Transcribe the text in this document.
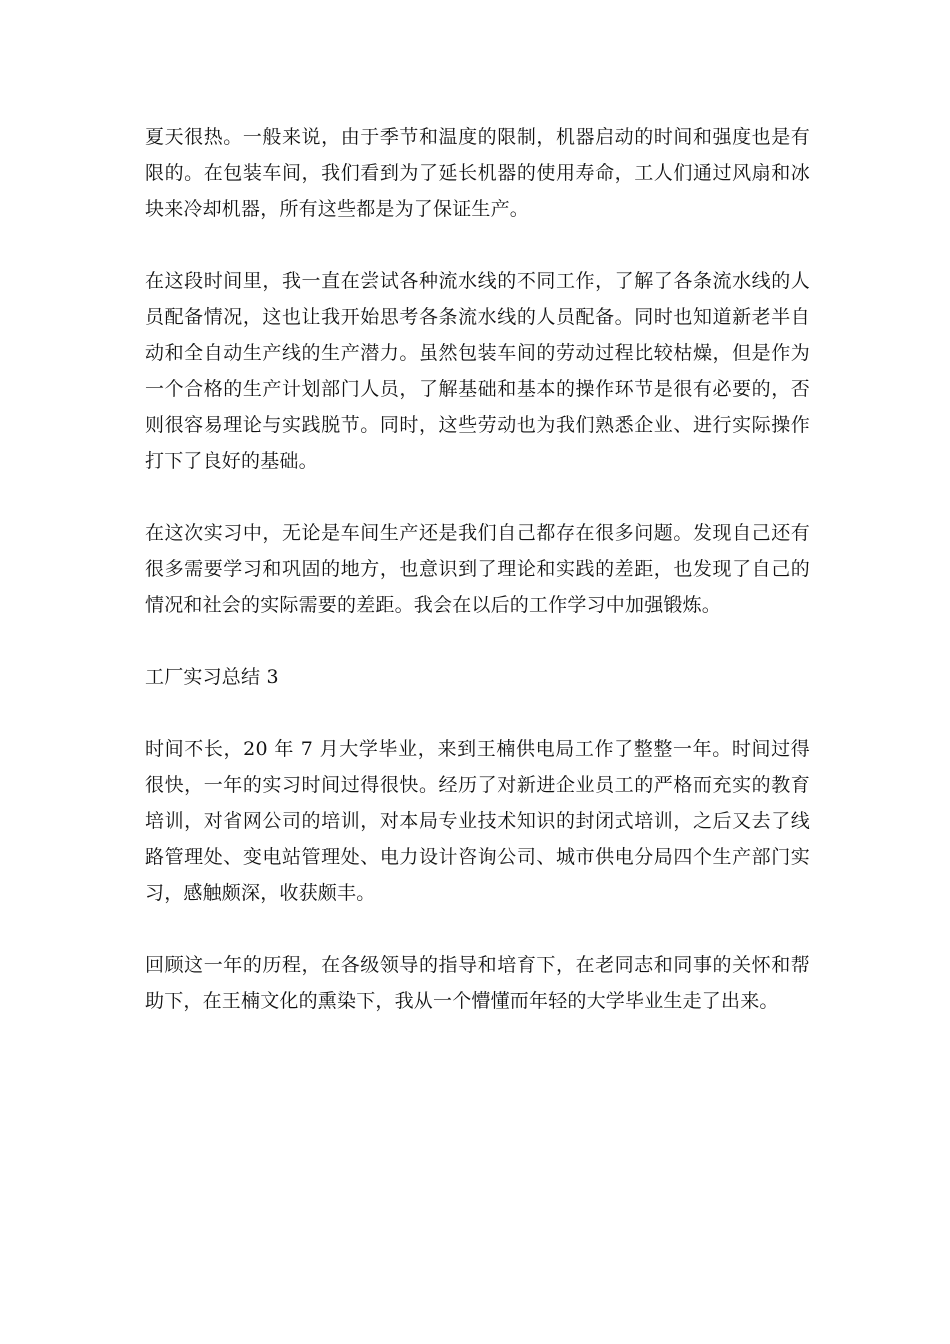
夏天很热。一般来说，由于季节和温度的限制，机器启动的时间和强度也是有限的。在包装车间，我们看到为了延长机器的使用寿命，工人们通过风扇和冰块来冷却机器，所有这些都是为了保证生产。

在这段时间里，我一直在尝试各种流水线的不同工作，了解了各条流水线的人员配备情况，这也让我开始思考各条流水线的人员配备。同时也知道新老半自动和全自动生产线的生产潜力。虽然包装车间的劳动过程比较枯燥，但是作为一个合格的生产计划部门人员，了解基础和基本的操作环节是很有必要的，否则很容易理论与实践脱节。同时，这些劳动也为我们熟悉企业、进行实际操作打下了良好的基础。

在这次实习中，无论是车间生产还是我们自己都存在很多问题。发现自己还有很多需要学习和巩固的地方，也意识到了理论和实践的差距，也发现了自己的情况和社会的实际需要的差距。我会在以后的工作学习中加强锻炼。

工厂实习总结 3

时间不长，20 年 7 月大学毕业，来到王楠供电局工作了整整一年。时间过得很快，一年的实习时间过得很快。经历了对新进企业员工的严格而充实的教育培训，对省网公司的培训，对本局专业技术知识的封闭式培训，之后又去了线路管理处、变电站管理处、电力设计咨询公司、城市供电分局四个生产部门实习，感触颇深，收获颇丰。

回顾这一年的历程，在各级领导的指导和培育下，在老同志和同事的关怀和帮助下，在王楠文化的熏染下，我从一个懵懂而年轻的大学毕业生走了出来。
